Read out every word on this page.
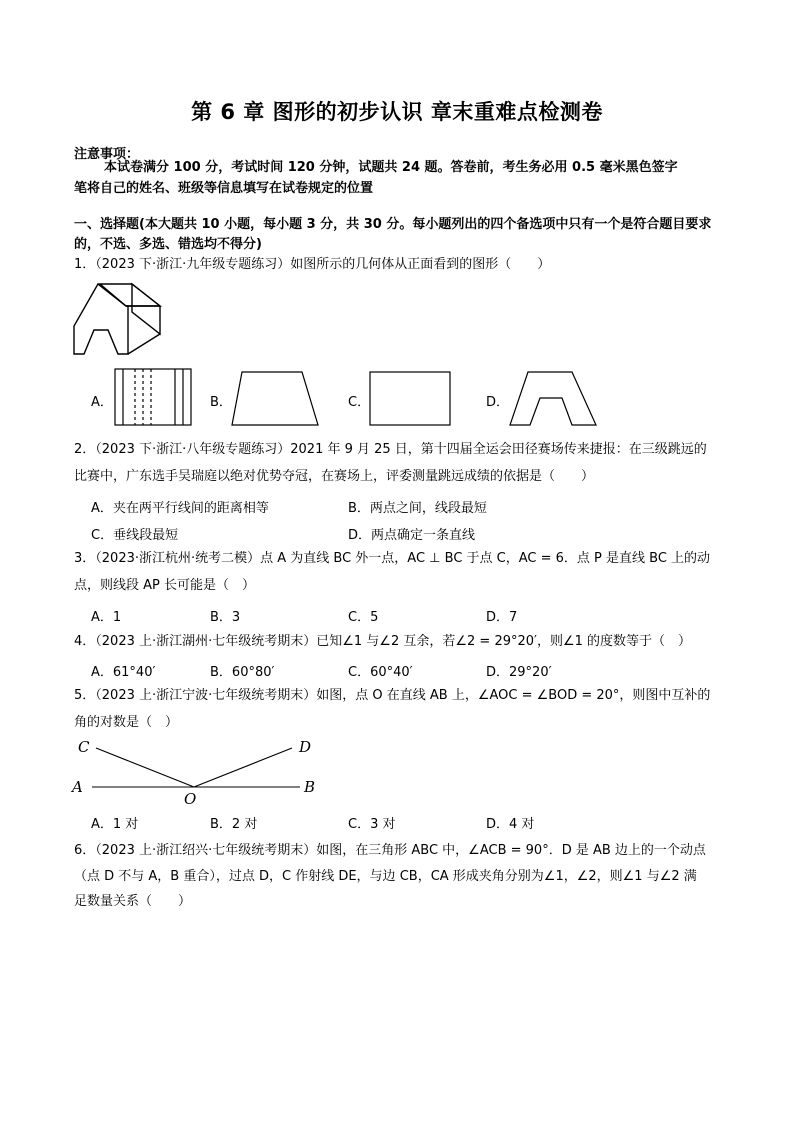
第 6 章 图形的初步认识 章末重难点检测卷
注意事项：
本试卷满分 100 分，考试时间 120 分钟，试题共 24 题。答卷前，考生务必用 0.5 毫米黑色签字
笔将自己的姓名、班级等信息填写在试卷规定的位置
一、选择题(本大题共 10 小题，每小题 3 分，共 30 分。每小题列出的四个备选项中只有一个是符合题目要求
的，不选、多选、错选均不得分)
1．（2023 下·浙江·九年级专题练习）如图所示的几何体从正面看到的图形（　　）
A．	B．	C．	D．
2．（2023 下·浙江·八年级专题练习）2021 年 9 月 25 日，第十四届全运会田径赛场传来捷报：在三级跳远的
比赛中，广东选手吴瑞庭以绝对优势夺冠，在赛场上，评委测量跳远成绩的依据是（　　）
A．夹在两平行线间的距离相等	B．两点之间，线段最短
C．垂线段最短	D．两点确定一条直线
3．（2023·浙江杭州·统考二模）点 A 为直线 BC 外一点，AC ⊥ BC 于点 C，AC = 6．点 P 是直线 BC 上的动
点，则线段 AP 长可能是（　）
A．1	B．3	C．5	D．7
4．（2023 上·浙江湖州·七年级统考期末）已知∠1 与∠2 互余，若∠2 = 29°20′，则∠1 的度数等于（　）
A．61°40′	B．60°80′	C．60°40′	D．29°20′
5．（2023 上·浙江宁波·七年级统考期末）如图，点 O 在直线 AB 上，∠AOC = ∠BOD = 20°，则图中互补的
角的对数是（　）
C	D
A
O
B
A．1 对	B．2 对	C．3 对	D．4 对
6．（2023 上·浙江绍兴·七年级统考期末）如图，在三角形 ABC 中，∠ACB = 90°．D 是 AB 边上的一个动点
（点 D 不与 A，B 重合），过点 D，C 作射线 DE，与边 CB，CA 形成夹角分别为∠1，∠2，则∠1 与∠2 满
足数量关系（　　）
